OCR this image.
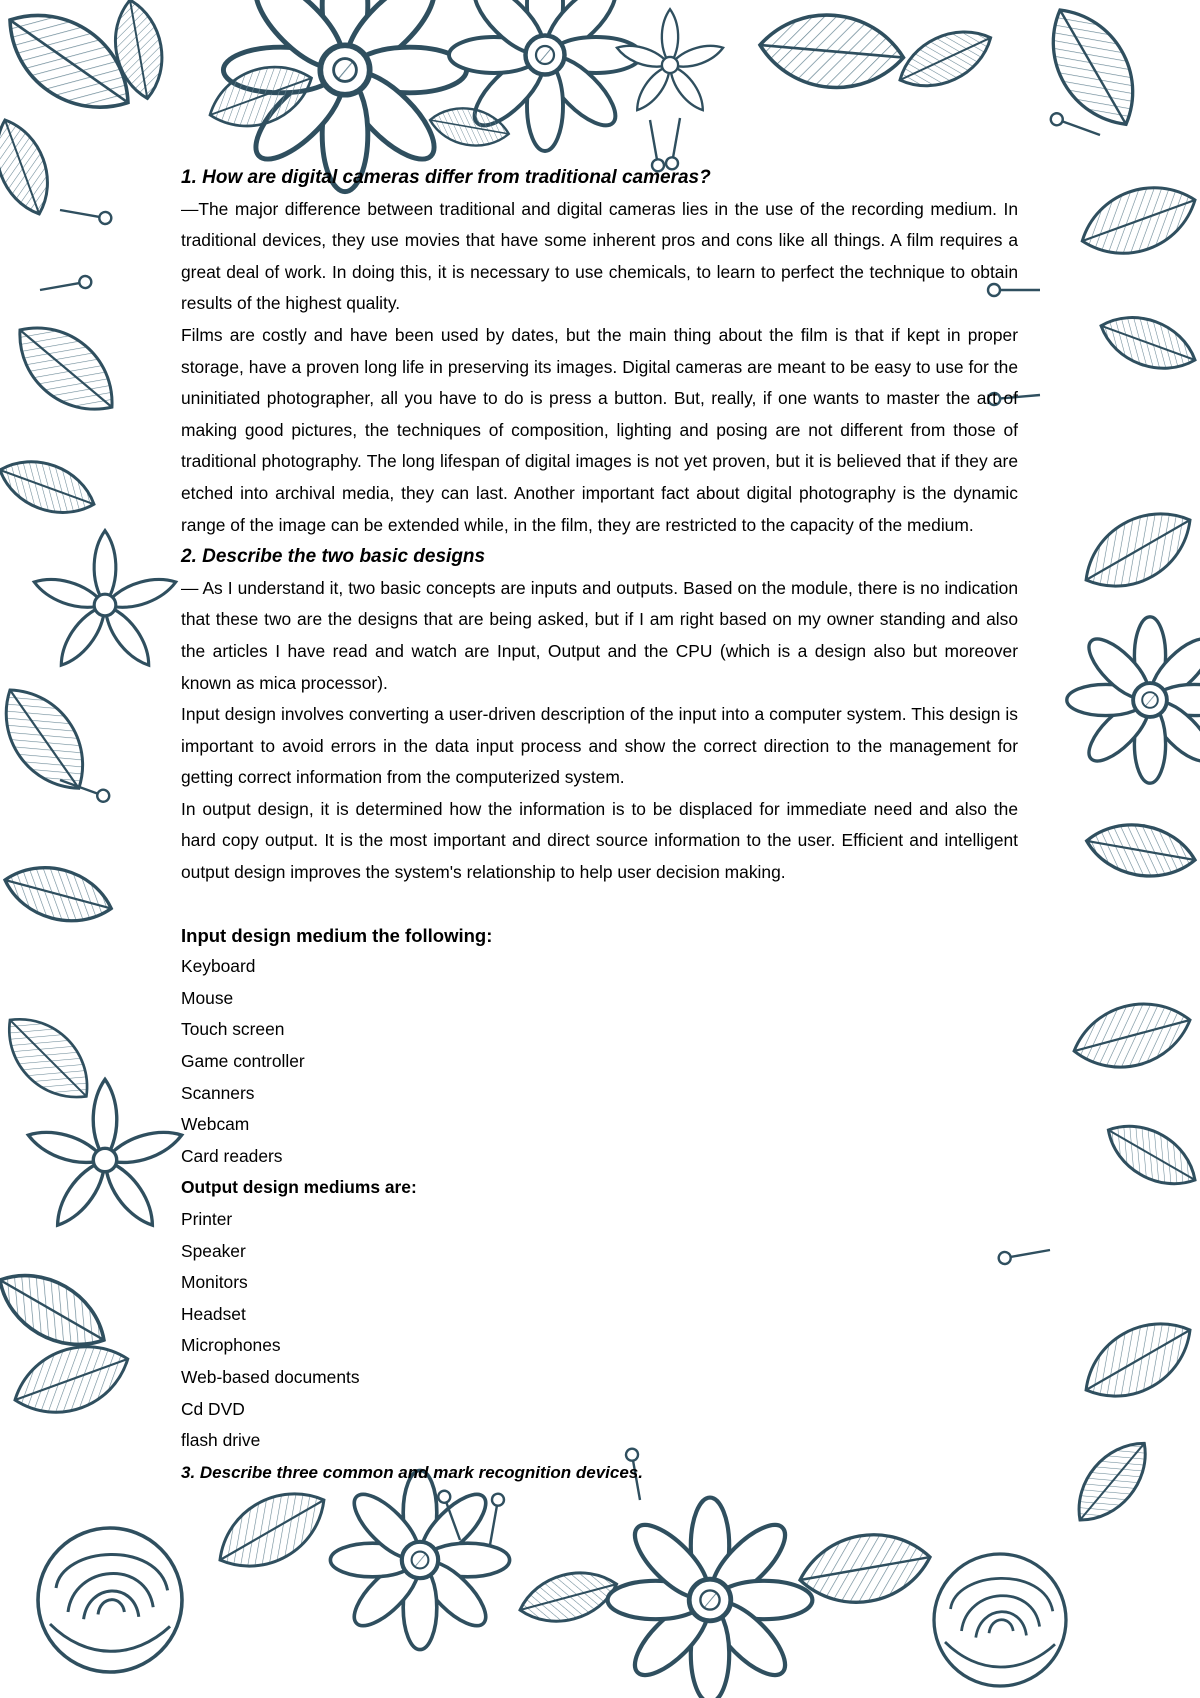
1. How are digital cameras differ from traditional cameras?

—The major difference between traditional and digital cameras lies in the use of the recording medium. In traditional devices, they use movies that have some inherent pros and cons like all things. A film requires a great deal of work. In doing this, it is necessary to use chemicals, to learn to perfect the technique to obtain results of the highest quality.

Films are costly and have been used by dates, but the main thing about the film is that if kept in proper storage, have a proven long life in preserving its images. Digital cameras are meant to be easy to use for the uninitiated photographer, all you have to do is press a button. But, really, if one wants to master the art of making good pictures, the techniques of composition, lighting and posing are not different from those of traditional photography. The long lifespan of digital images is not yet proven, but it is believed that if they are etched into archival media, they can last. Another important fact about digital photography is the dynamic range of the image can be extended while, in the film, they are restricted to the capacity of the medium.

2. Describe the two basic designs

— As I understand it, two basic concepts are inputs and outputs. Based on the module, there is no indication that these two are the designs that are being asked, but if I am right based on my owner standing and also the articles I have read and watch are Input, Output and the CPU (which is a design also but moreover known as mica processor).

Input design involves converting a user-driven description of the input into a computer system. This design is important to avoid errors in the data input process and show the correct direction to the management for getting correct information from the computerized system.

In output design, it is determined how the information is to be displaced for immediate need and also the hard copy output. It is the most important and direct source information to the user. Efficient and intelligent output design improves the system's relationship to help user decision making.

Input design medium the following:

Keyboard
Mouse
Touch screen
Game controller
Scanners
Webcam
Card readers

Output design mediums are:

Printer
Speaker
Monitors
Headset
Microphones
Web-based documents
Cd DVD
flash drive

3. Describe three common and mark recognition devices.
